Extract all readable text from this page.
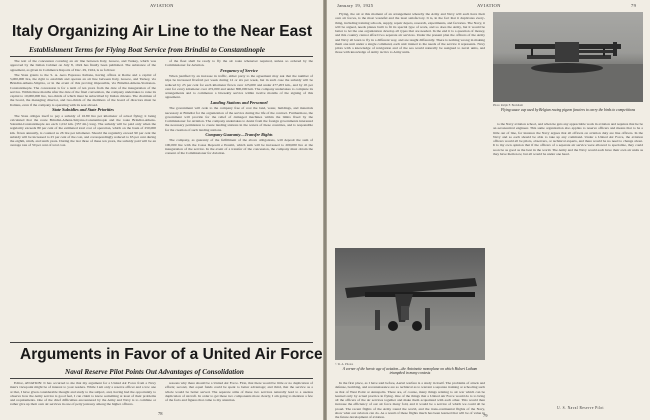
AVIATION
Italy Organizing Air Line to the Near East
Establishment Terms for Flying Boat Service from Brindisi to Constantinople

The text of the concession covering an air line between Italy, Greece, and Turkey, which was approved by the Italian Cabinet on July 8, 1924 has finally been published. The substance of the agreement, as given in Commerce Reports of Dec. 29, 1924, is as follows:

The State grants to the S. A. Aero Espresso Italiana, having offices at Rome and a capital of 5,000,000 lire, the right to establish and operate an air line between Italy, Greece, and Turkey, via Brindisi-Athens-Smyrna, or in the event of this proving impossible, via Brindisi-Athens-Stationon-Constantinople. The concession is for a term of ten years from the date of the inauguration of the service. Within three months after the date of the final convention, the company undertakes to raise its capital to 10,000,000 lire, two-thirds of which must be subscribed by Italian citizens. The chairman of the board, the managing director, and two-thirds of the members of the board of directors must be Italians, even if the company is operating with its seat abroad.

State Subsidies and State Priorities

The State obliges itself to pay a subsidy of 16.80 lire per kilometer of actual flying; it being calculated that the route Brindisi-Athens-Smyrna-Constantinople and the route Brindisi-Athens-Saloniki-Constantinople are each 1,012 km. (357 mi.) long. The subsidy will be paid only when the regularity exceeds 80 per cent of the estimated total cost of operation, which on the basis of 250,000 km. flown annually, is counted as 26 lire per kilometer. Should the regularity exceed 90 per cent the subsidy will be increased to 25 per cent of the cost, and correspondingly reduced to 65 per cent during the eighth, ninth, and tenth years. During the last three of these ten years, the subsidy paid will be an average rate of 50 per cent of total cost.

of the fleet shall be ready to fly the air route whenever required, unless so ordered by the Commissioner for Aviation.

Frequency of Service

When justified by an increase in traffic, either party to the agreement may ask that the number of trips be increased fivefold per week during 12 or six per week, but in such case the subsidy will be reduced by 25 per cent for each kilometer flown over 125,000 and under 477,203 km., and by 45 per cent for every kilometer over 472,000 and under 800,000 km. The company undertakes to complete its arrangements and to commence a biweekly service within twelve months of the signing of this agreement.

Landing Stations and Personnel

The government will cede to the company free of cost the land, water, buildings, and materials necessary at Brindisi for the organization of the service during the life of the contract. Furthermore, the government will provide for the relief of damaged machines within the limits fixed by the Commissioner for Aviation. The company undertakes to desist from the foreign governments interested the necessary permission to create landing stations in the waters of these countries, and is responsible for the creation of such landing stations.

Company Guaranty—Transfer Rights

The company, as guaranty of the fulfillment of the above obligations, will deposit the sum of 100,000 lire with the Cassa Depositi e Prestiti, which sum will be increased to 200,000 lire at the inauguration of the service. In the event of a transfer of the concession, the company must obtain the consent of the Commissioner for Aviation.

Arguments in Favor of a United Air Force
Naval Reserve Pilot Points Out Advantages of Consolidation

Editor, AVIATION: It has occurred to me that my argument for a United Air Force from a Navy man's viewpoint might be of interest to your readers. While I am only a reserve officer and a low one at that, I have given considerable thought and study to the subject, and, having had the opportunity to observe how the Army service is good feel, I can claim to know something at least of their problems and requirements. One of the chief difficulties encountered by the Army and Navy is to combine or rather give up their own air services in one of petty jealousy among the higher officers.

reasons why there should be a United Air Force. First, that there would be little or no duplication of efforts; second, that equal funds could be spent to better advantage; and third, that the service as a whole would be better served. The separate arms of these two services naturally lead to a useless duplication of aircraft. In order to get these two components more clearly, I am going to mention a few of the facts and figures that came to my attention.

78
January 19, 1925	AVIATION	79

Flying, the air at this moment of an arrangement whereby the Army and Navy will each have their own air forces, is the most wasteful and the least satisfactory. It is, in the fact that it duplicates every-thing, including training schools, supply, repair depots, research, experiments, and factories. The Navy, it will be argued, needs planes built to fit its special type of work, and so does the Army, but it would be better to let the one organization develop all types that are needed. In the end it is a question of money, and this country cannot afford two separate air services. Under the present plan the officers of the Army and Navy all learn to fly in a different way, and are taught differently. There is nothing wrong in making them one unit under a single command, each unit trained to the needs of the service it represents. Navy pilots with a knowledge of navigation and of the sea would naturally be assigned to naval units, and those with knowledge of Army tactics to Army units.

Photo Ralph F. Beckham
Flying sauce cup used by Belgian racing pigeon fanciers to carry the birds to competitions

to the Navy aviation school, and when he gets any appreciable work in aviation and requires that he be an aeronautical engineer. This same organization also applies to reserve officers and means that to be a little out of line, for instance the Navy argues that all officers on aviation duty are line officers. In the Navy and so each should be able to take up any command. Under a United Air Force, the aviation officers would all be pilots, observers, or technical experts, and there would be no need to change about. It is my own opinion that if the officers of a separate air service were allowed to specialize, they could soon be as good as the best in the world. The Army and the Navy would each have their own air units as they have them now, but all would be under one head.

© R. A. Photos
A corner of the heroic age of aviation—the Antoinette monoplane on which Hubert Latham triumphed in many contests

In the first place, as I have said before, Aerial warfare is a study in itself. The problems of attack and defense, bombing, and reconnaissance are so technical as to warrant a separate training or schooling such as that of West Point or Annapolis. There are, of course, many things relating to air war which can be learned only by actual practice in flying. One of the things that a United Air Force would do is to bring all the officers of the air services together and make them acquainted with each other. This would then increase the efficiency of our air force many fold, and it would be a service of which we could all be proud. The recent flights of the Army round the world, and the trans-continental flights of the Navy, show what our aviators can do. As a result of these flights much has been learned that will be of value in the future development of aviation.

U. S. Naval Reserve Pilot
79
